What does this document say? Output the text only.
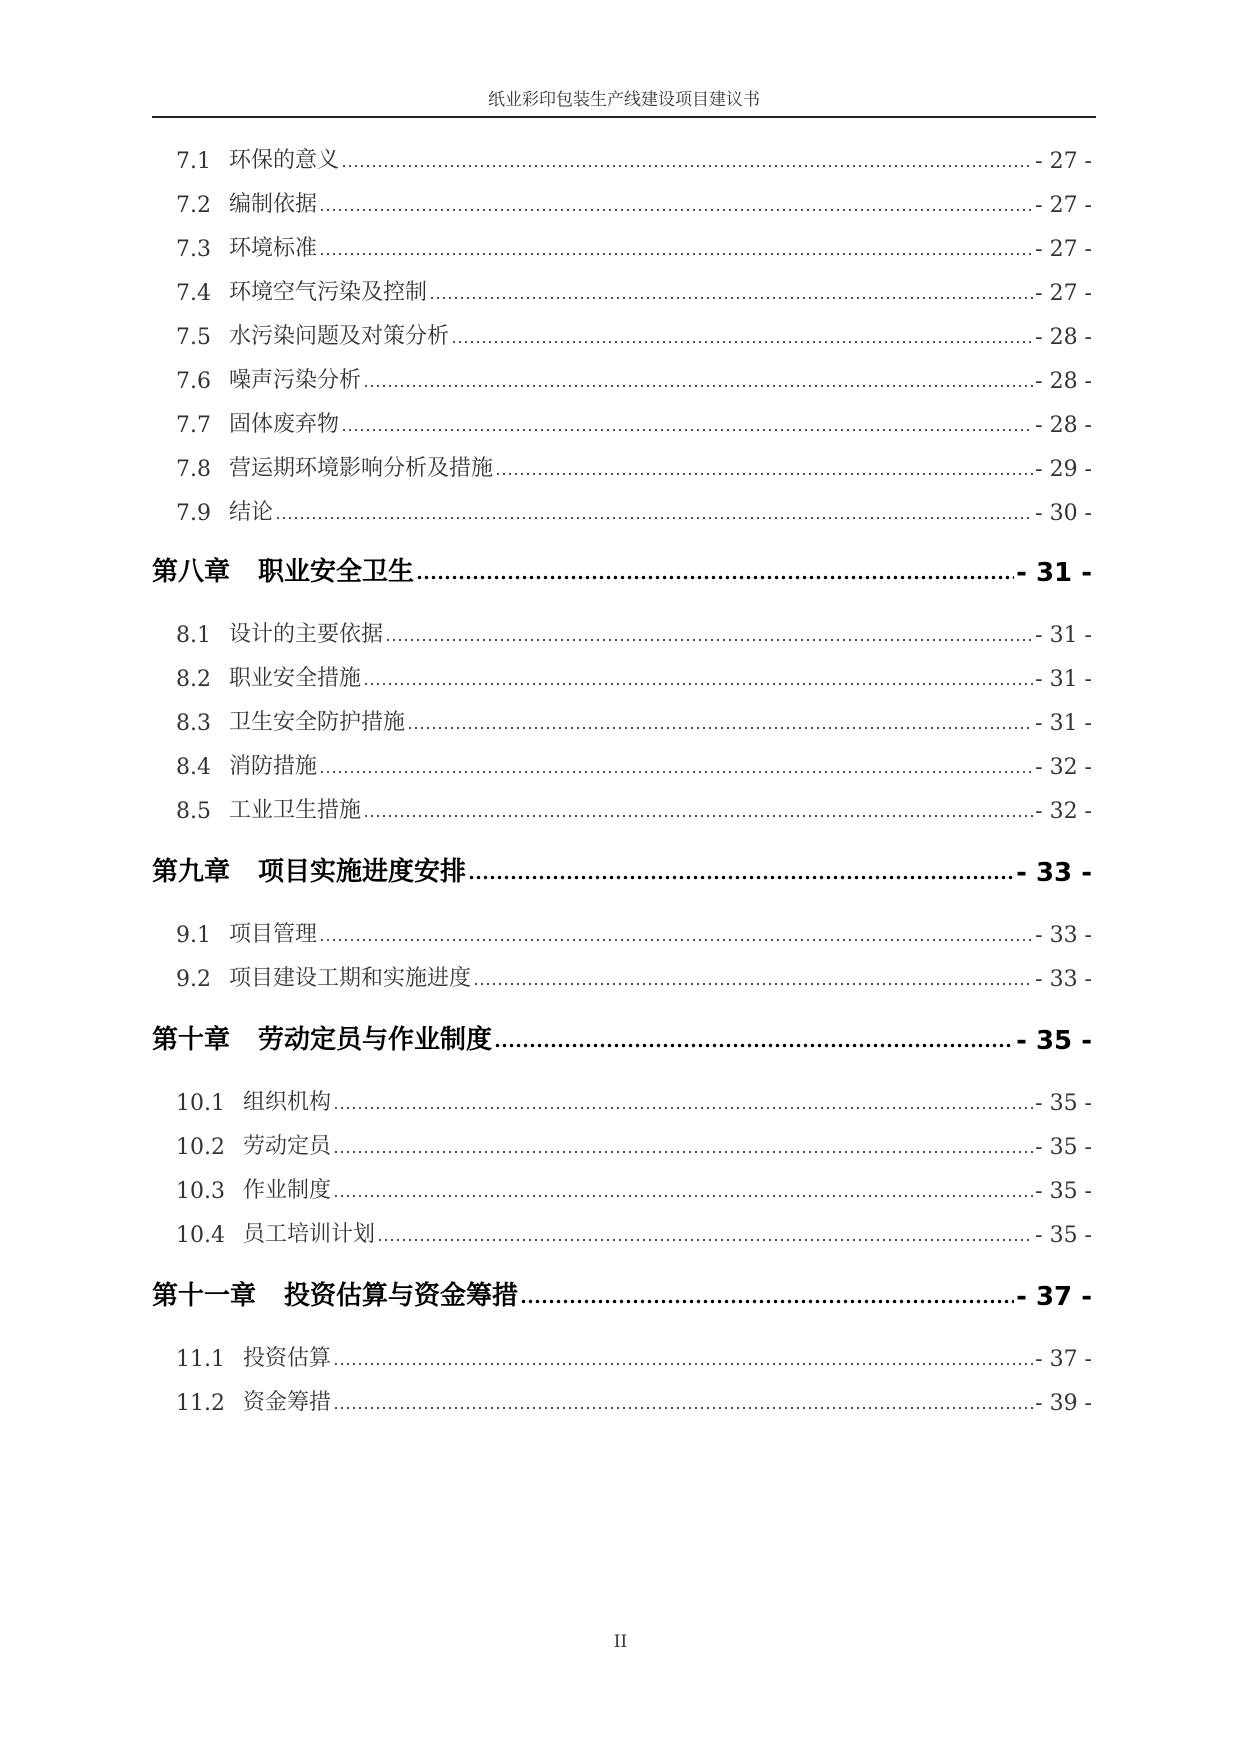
纸业彩印包装生产线建设项目建议书
7.1 环保的意义	- 27 -
7.2 编制依据	- 27 -
7.3 环境标准	- 27 -
7.4 环境空气污染及控制	- 27 -
7.5 水污染问题及对策分析	- 28 -
7.6 噪声污染分析	- 28 -
7.7 固体废弃物	- 28 -
7.8 营运期环境影响分析及措施	- 29 -
7.9 结论	- 30 -
第八章 职业安全卫生	- 31 -
8.1 设计的主要依据	- 31 -
8.2 职业安全措施	- 31 -
8.3 卫生安全防护措施	- 31 -
8.4 消防措施	- 32 -
8.5 工业卫生措施	- 32 -
第九章 项目实施进度安排	- 33 -
9.1 项目管理	- 33 -
9.2 项目建设工期和实施进度	- 33 -
第十章 劳动定员与作业制度	- 35 -
10.1 组织机构	- 35 -
10.2 劳动定员	- 35 -
10.3 作业制度	- 35 -
10.4 员工培训计划	- 35 -
第十一章 投资估算与资金筹措	- 37 -
11.1 投资估算	- 37 -
11.2 资金筹措	- 39 -
II
